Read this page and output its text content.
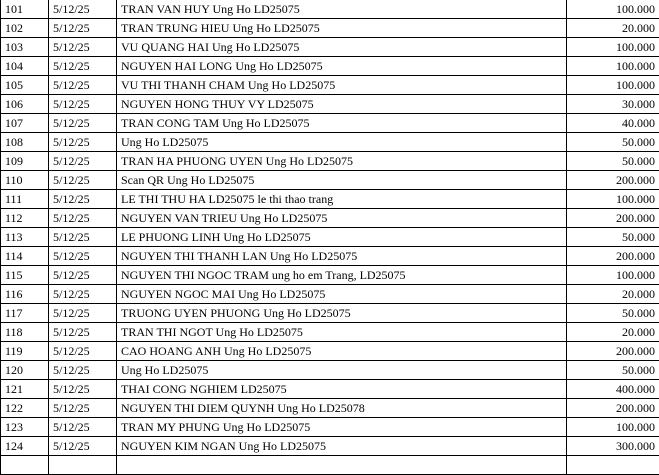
101	5/12/25	TRAN VAN HUY Ung Ho LD25075	100.000
102	5/12/25	TRAN TRUNG HIEU Ung Ho LD25075	20.000
103	5/12/25	VU QUANG HAI Ung Ho LD25075	100.000
104	5/12/25	NGUYEN HAI LONG Ung Ho LD25075	100.000
105	5/12/25	VU THI THANH CHAM Ung Ho LD25075	100.000
106	5/12/25	NGUYEN HONG THUY VY LD25075	30.000
107	5/12/25	TRAN CONG TAM Ung Ho LD25075	40.000
108	5/12/25	Ung Ho LD25075	50.000
109	5/12/25	TRAN HA PHUONG UYEN Ung Ho LD25075	50.000
110	5/12/25	Scan QR Ung Ho LD25075	200.000
111	5/12/25	LE THI THU HA LD25075 le thi thao trang	100.000
112	5/12/25	NGUYEN VAN TRIEU Ung Ho LD25075	200.000
113	5/12/25	LE PHUONG LINH Ung Ho LD25075	50.000
114	5/12/25	NGUYEN THI THANH LAN Ung Ho LD25075	200.000
115	5/12/25	NGUYEN THI NGOC TRAM ung ho em Trang, LD25075	100.000
116	5/12/25	NGUYEN NGOC MAI Ung Ho LD25075	20.000
117	5/12/25	TRUONG UYEN PHUONG Ung Ho LD25075	50.000
118	5/12/25	TRAN THI NGOT Ung Ho LD25075	20.000
119	5/12/25	CAO HOANG ANH Ung Ho LD25075	200.000
120	5/12/25	Ung Ho LD25075	50.000
121	5/12/25	THAI CONG NGHIEM LD25075	400.000
122	5/12/25	NGUYEN THI DIEM QUYNH Ung Ho LD25078	200.000
123	5/12/25	TRAN MY PHUNG Ung Ho LD25075	100.000
124	5/12/25	NGUYEN KIM NGAN Ung Ho LD25075	300.000
